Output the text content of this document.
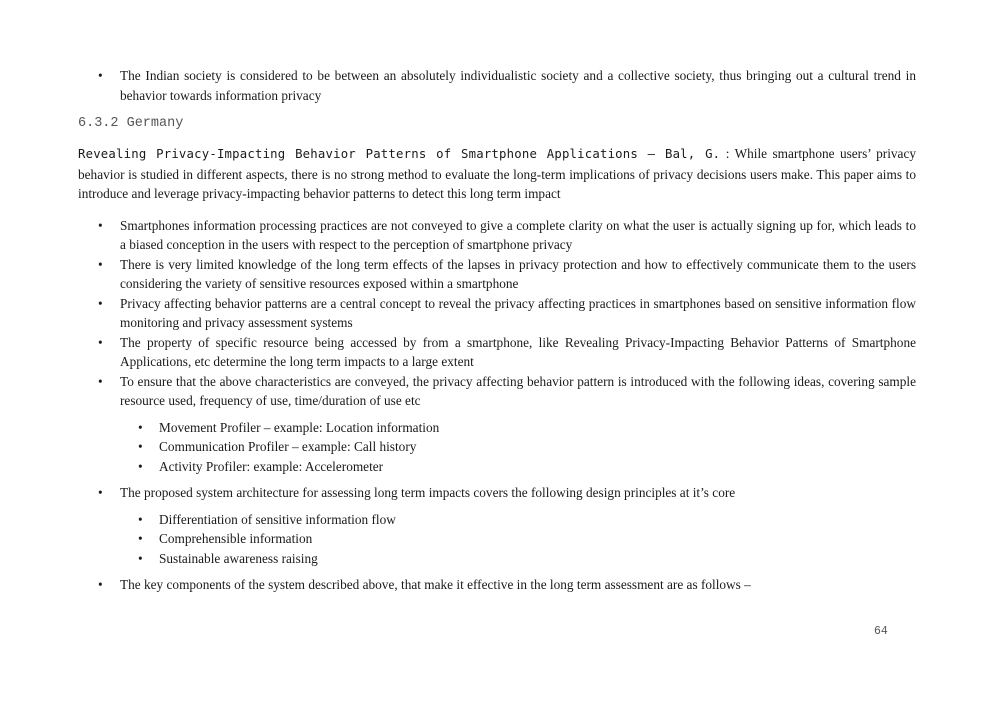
• The Indian society is considered to be between an absolutely individualistic society and a collective society, thus bringing out a cultural trend in behavior towards information privacy
6.3.2 Germany

Revealing Privacy-Impacting Behavior Patterns of Smartphone Applications – Bal, G. : While smartphone users’ privacy behavior is studied in different aspects, there is no strong method to evaluate the long-term implications of privacy decisions users make. This paper aims to introduce and leverage privacy-impacting behavior patterns to detect this long term impact

• Smartphones information processing practices are not conveyed to give a complete clarity on what the user is actually signing up for, which leads to a biased conception in the users with respect to the perception of smartphone privacy
• There is very limited knowledge of the long term effects of the lapses in privacy protection and how to effectively communicate them to the users considering the variety of sensitive resources exposed within a smartphone
• Privacy affecting behavior patterns are a central concept to reveal the privacy affecting practices in smartphones based on sensitive information flow monitoring and privacy assessment systems
• The property of specific resource being accessed by from a smartphone, like Revealing Privacy-Impacting Behavior Patterns of Smartphone Applications, etc determine the long term impacts to a large extent
• To ensure that the above characteristics are conveyed, the privacy affecting behavior pattern is introduced with the following ideas, covering sample resource used, frequency of use, time/duration of use etc
• Movement Profiler – example: Location information
• Communication Profiler – example: Call history
• Activity Profiler: example: Accelerometer
• The proposed system architecture for assessing long term impacts covers the following design principles at it’s core
• Differentiation of sensitive information flow
• Comprehensible information
• Sustainable awareness raising
• The key components of the system described above, that make it effective in the long term assessment are as follows –
64
